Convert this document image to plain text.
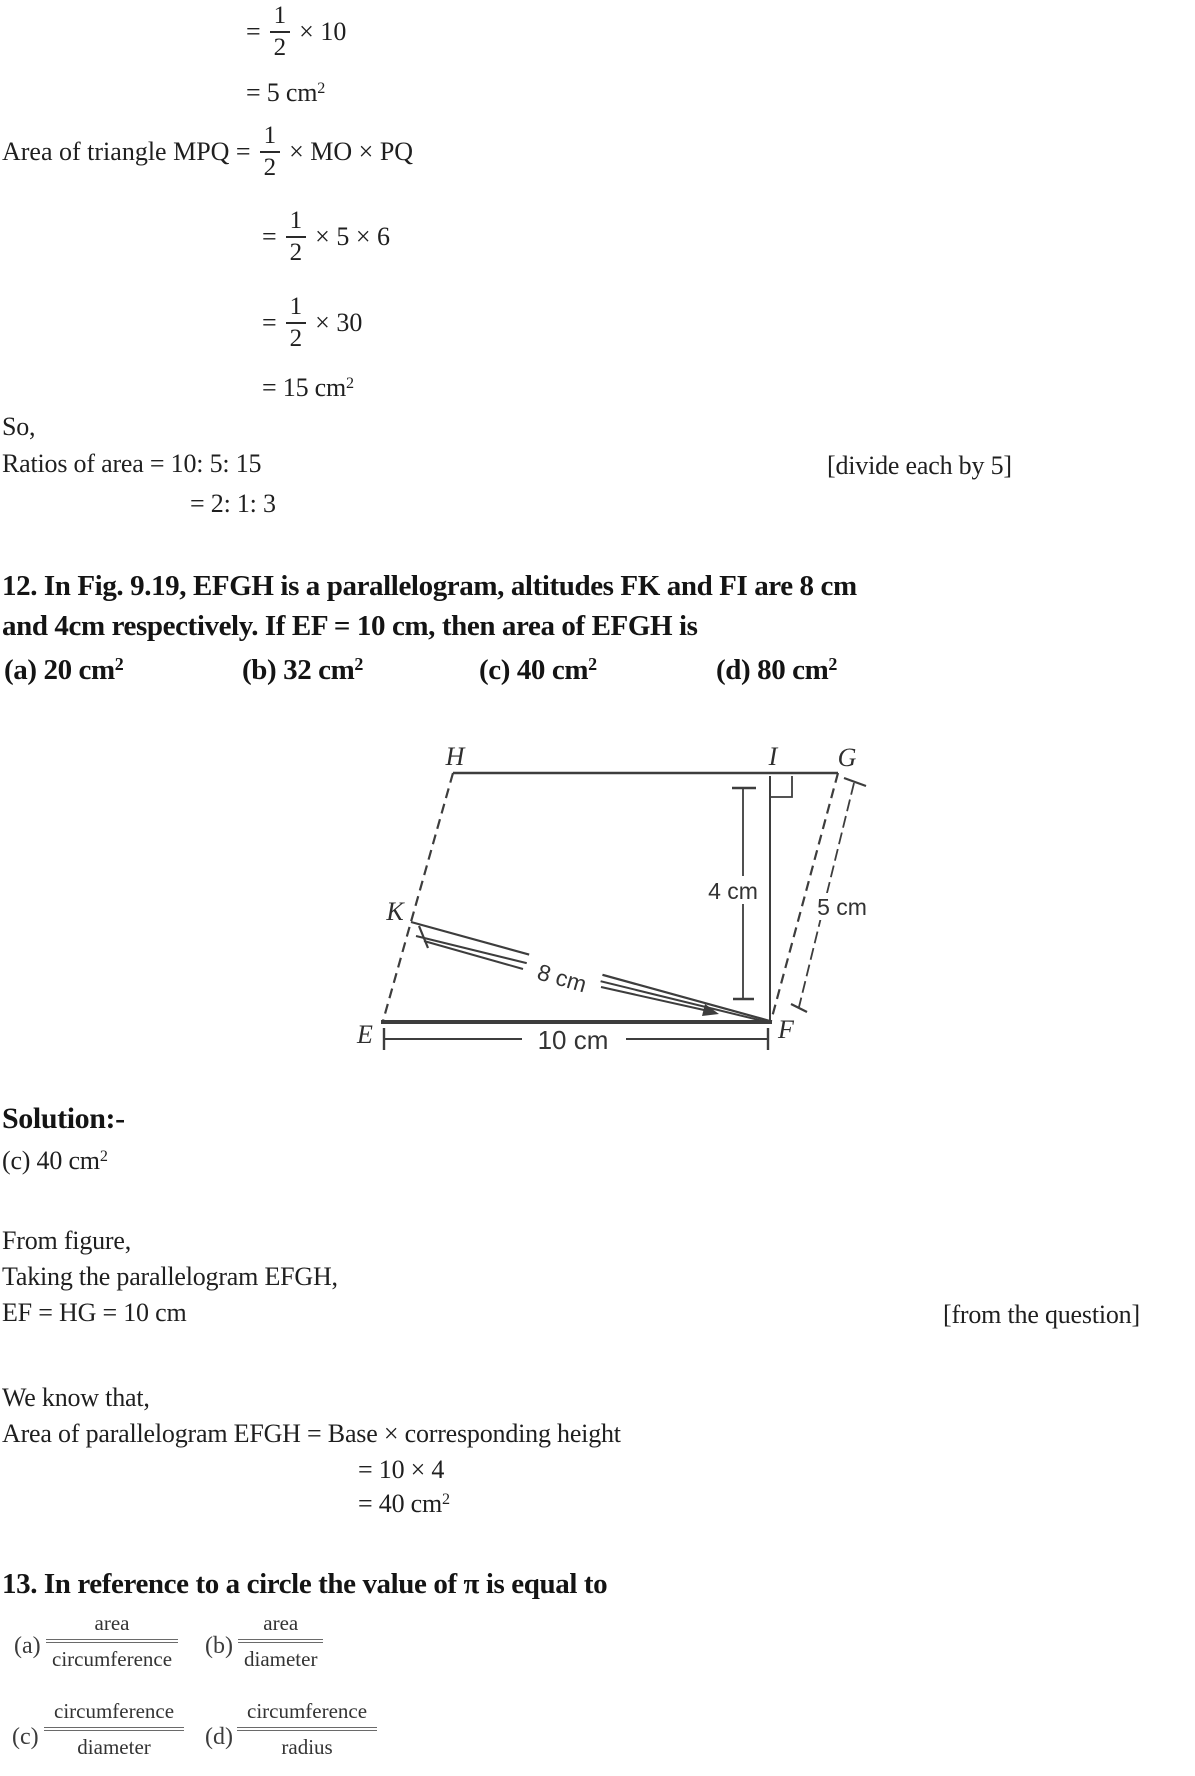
= $\frac{1}{2} \times 10$
= 5 $cm^2$
Area of triangle MPQ = $\frac{1}{2}$ × MO × PQ
= $\frac{1}{2} \times 5 \times 6$
= $\frac{1}{2} \times 30$
= 15 $cm^2$
So,
Ratios of area = 10: 5: 15	[divide each by 5]
= 2: 1: 3
12. In Fig. 9.19, EFGH is a parallelogram, altitudes FK and FI are 8 cm
and 4cm respectively. If EF = 10 cm, then area of EFGH is
(a) 20 $cm^2$	(b) 32 $cm^2$	(c) 40 $cm^2$	(d) 80 $cm^2$
4 cm
5 cm
8 cm
10 cm
H	I G
K
E	F
Solution:-
(c) 40 $cm^2$
From figure,
Taking the parallelogram EFGH,
EF = HG = 10 cm	[from the question]
We know that,
Area of parallelogram EFGH = Base × corresponding height
= 10 × 4
= 40 $cm^2$
13. In reference to a circle the value of π is equal to
(a)
area
circumference
(b)
area
diameter
(c)
circumference
diameter	(d)
circumference
radius
